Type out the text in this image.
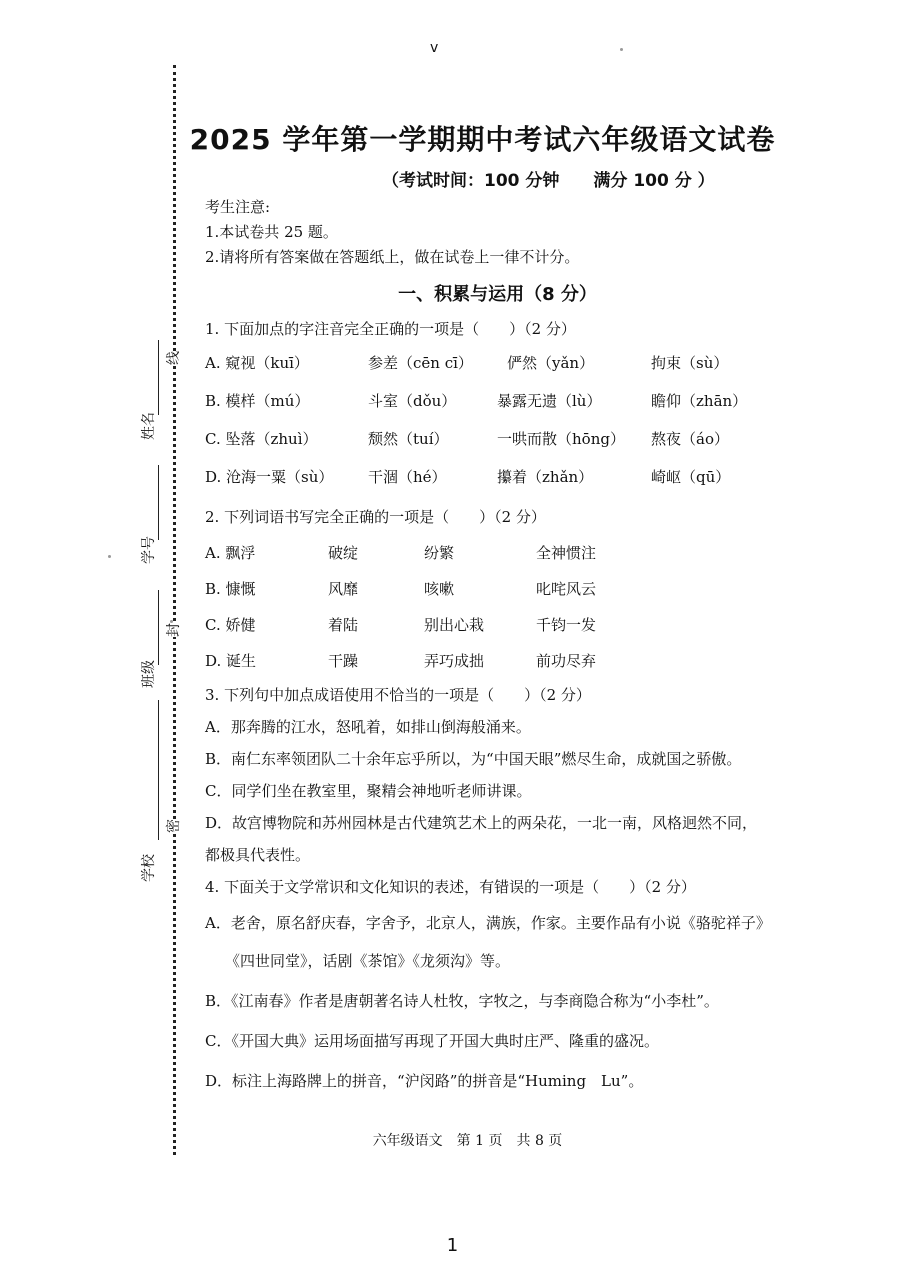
线
封
密
姓名
学号
班级
学校
v
2025 学年第一学期期中考试六年级语文试卷
（考试时间：100 分钟　　满分 100 分 ）
考生注意:
1.本试卷共 25 题。
2.请将所有答案做在答题纸上，做在试卷上一律不计分。
一、积累与运用（8 分）
1. 下面加点的字注音完全正确的一项是（　　）（2 分）
A. 窥视（kuī）	参差（cēn cī） 俨然（yǎn）	拘束（sù）
B. 模样（mú）	斗室（dǒu）	暴露无遗（lù）	瞻仰（zhān）
C. 坠落（zhuì）	颓然（tuí）	一哄而散（hōng） 熬夜（áo）
D. 沧海一粟（sù） 干涸（hé）	攥着（zhǎn）	崎岖（qū）
2. 下列词语书写完全正确的一项是（　　）（2 分）
A. 飘浮	破绽	纷繁	全神惯注
B. 慷慨	风靡	咳嗽	叱咤风云
C. 娇健	着陆	别出心栽	千钧一发
D. 诞生	干躁	弄巧成拙	前功尽弃
3. 下列句中加点成语使用不恰当的一项是（　　）（2 分）
A．那奔腾的江水，怒吼着，如排山倒海般涌来。
B．南仁东率领团队二十余年忘乎所以，为“中国天眼”燃尽生命，成就国之骄傲。
C．同学们坐在教室里，聚精会神地听老师讲课。
D．故宫博物院和苏州园林是古代建筑艺术上的两朵花，一北一南，风格迥然不同，
都极具代表性。
4. 下面关于文学常识和文化知识的表述，有错误的一项是（　　）（2 分）
A．老舍，原名舒庆春，字舍予，北京人，满族，作家。主要作品有小说《骆驼祥子》
《四世同堂》，话剧《茶馆》《龙须沟》等。
B．《江南春》作者是唐朝著名诗人杜牧，字牧之，与李商隐合称为“小李杜”。
C．《开国大典》运用场面描写再现了开国大典时庄严、隆重的盛况。
D．标注上海路牌上的拼音，“沪闵路”的拼音是“Huming　Lu”。
六年级语文　第 1 页　共 8 页
1
